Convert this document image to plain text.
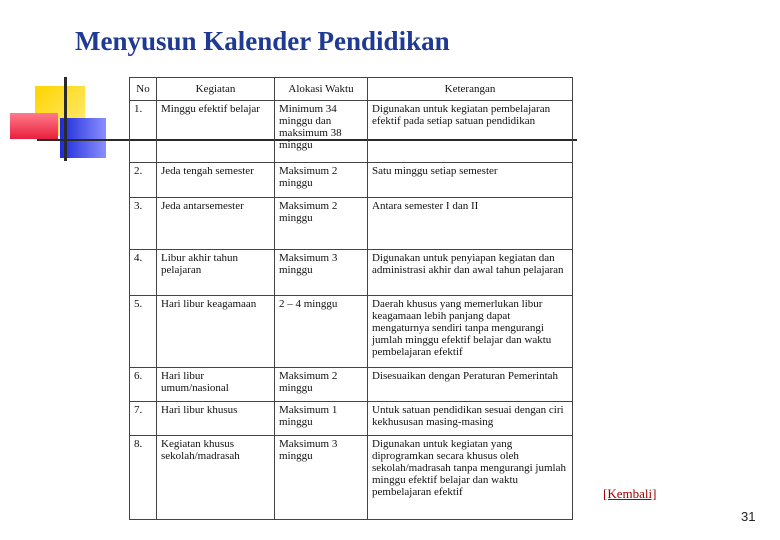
Menyusun Kalender Pendidikan
No	Kegiatan	Alokasi Waktu	Keterangan
1.	Minggu efektif belajar	Minimum 34 minggu dan maksimum 38 minggu	Digunakan untuk kegiatan pembelajaran efektif pada setiap satuan pendidikan
2.	Jeda tengah semester	Maksimum 2 minggu	Satu minggu setiap semester
3.	Jeda antarsemester	Maksimum 2 minggu	Antara semester I dan II
4.	Libur akhir tahun pelajaran	Maksimum 3 minggu	Digunakan untuk penyiapan kegiatan dan administrasi akhir dan awal tahun pelajaran
5.	Hari libur keagamaan	2 – 4 minggu	Daerah khusus yang memerlukan libur keagamaan lebih panjang dapat mengaturnya sendiri tanpa mengurangi jumlah minggu efektif belajar dan waktu pembelajaran efektif
6.	Hari libur umum/nasional	Maksimum 2 minggu	Disesuaikan dengan Peraturan Pemerintah
7.	Hari libur khusus	Maksimum 1 minggu	Untuk satuan pendidikan sesuai dengan ciri kekhususan masing-masing
8.	Kegiatan khusus sekolah/madrasah	Maksimum 3 minggu	Digunakan untuk kegiatan yang diprogramkan secara khusus oleh sekolah/madrasah tanpa mengurangi jumlah minggu efektif belajar dan waktu pembelajaran efektif	[Kembali]
31
